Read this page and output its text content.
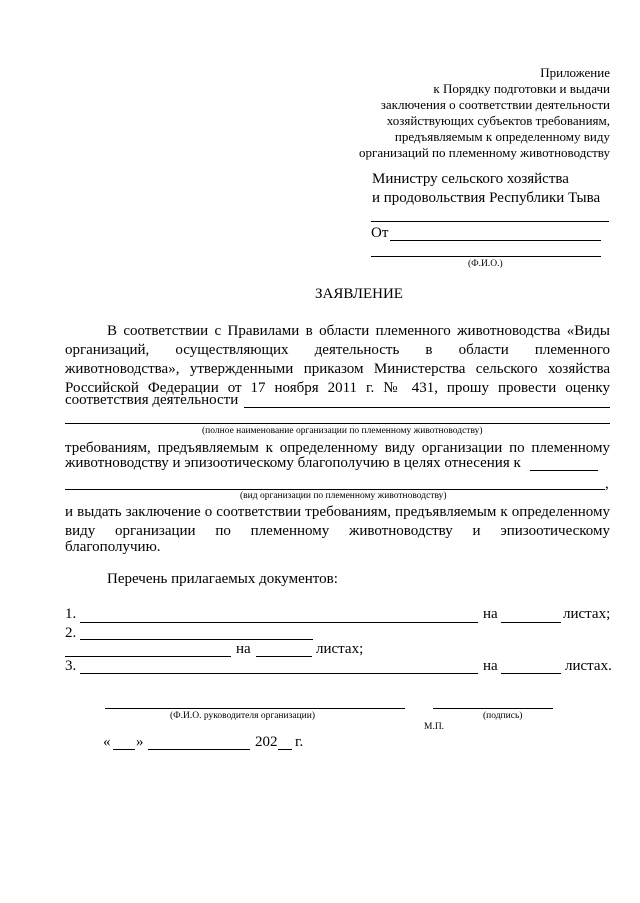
Приложение
к Порядку подготовки и выдачи
заключения о соответствии деятельности
хозяйствующих субъектов требованиям,
предъявляемым к определенному виду
организаций по племенному животноводству
Министру сельского хозяйства
и продовольствия Республики Тыва
От
(Ф.И.О.)
ЗАЯВЛЕНИЕ
В соответствии с Правилами в области племенного животноводства «Виды
организаций, осуществляющих деятельность в области племенного
животноводства», утвержденными приказом Министерства сельского хозяйства
Российской Федерации от 17 ноября 2011 г. № 431, прошу провести оценку
соответствия деятельности
(полное наименование организации по племенному животноводству)
требованиям, предъявляемым к определенному виду организации по племенному
животноводству и эпизоотическому благополучию в целях отнесения к
,
(вид организации по племенному животноводству)
и выдать заключение о соответствии требованиям, предъявляемым к определенному
виду организации по племенному животноводству и эпизоотическому
благополучию.
Перечень прилагаемых документов:
1.	на	листах;
2.
на	листах;
3.	на	листах.
(Ф.И.О. руководителя организации)	(подпись)
М.П.
« »	202 г.
